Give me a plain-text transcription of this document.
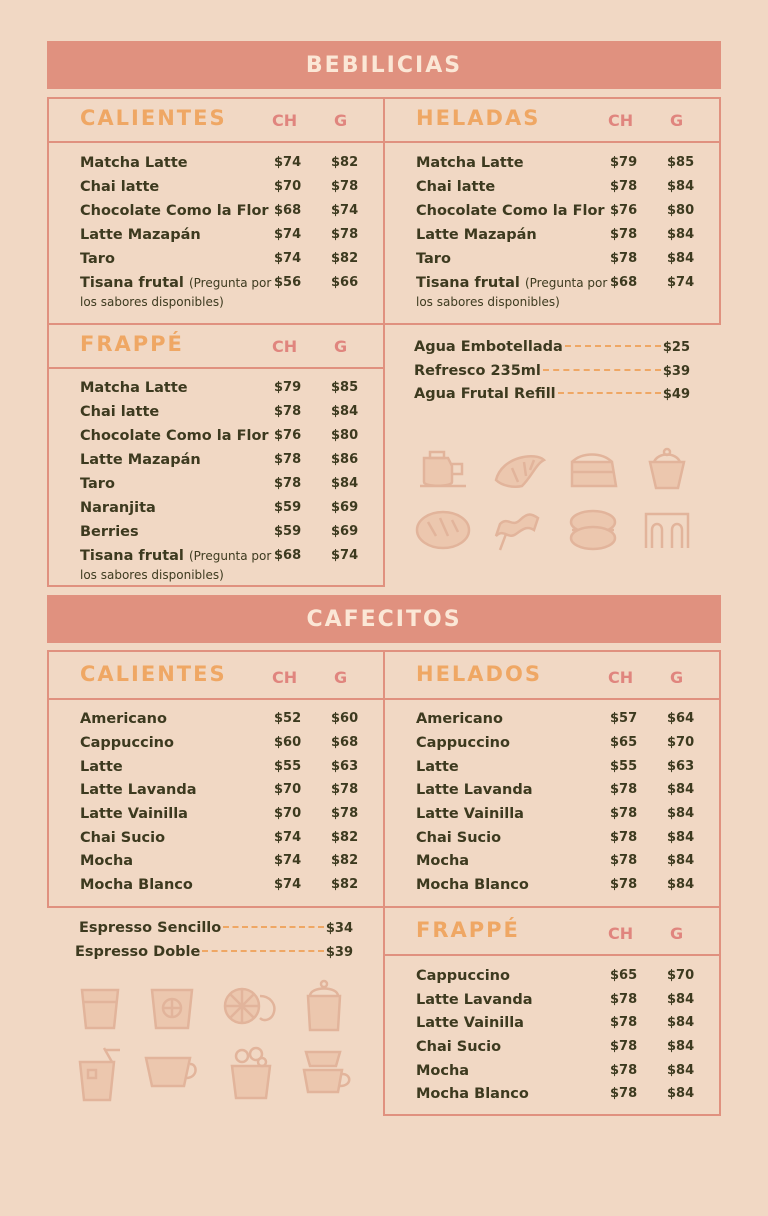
BEBILICIAS
CALIENTES	CH G
Matcha Latte	$74	$82
Chai latte	$70	$78
Chocolate Como la Flor $68	$74
Latte Mazapán	$74	$78
Taro	$74	$82
Tisana frutal (Pregunta por
los sabores disponibles)
$56	$66
HELADAS	CH G
Matcha Latte	$79	$85
Chai latte	$78	$84
Chocolate Como la Flor $76	$80
Latte Mazapán	$78	$84
Taro	$78	$84
Tisana frutal (Pregunta por
los sabores disponibles)
$68	$74
FRAPPÉ	CH G
Matcha Latte	$79	$85
Chai latte	$78	$84
Chocolate Como la Flor $76	$80
Latte Mazapán	$78	$86
Taro	$78	$84
Naranjita	$59	$69
Berries	$59	$69
Tisana frutal (Pregunta por
los sabores disponibles)
$68	$74
Agua Embotellada	$25
Refresco 235ml	$39
Agua Frutal Refill	$49
CAFECITOS
CALIENTES	CH G
Americano	$52	$60
Cappuccino	$60	$68
Latte	$55	$63
Latte Lavanda	$70	$78
Latte Vainilla	$70	$78
Chai Sucio	$74	$82
Mocha	$74	$82
Mocha Blanco	$74	$82
HELADOS	CH G
Americano	$57	$64
Cappuccino	$65	$70
Latte	$55	$63
Latte Lavanda	$78	$84
Latte Vainilla	$78	$84
Chai Sucio	$78	$84
Mocha	$78	$84
Mocha Blanco	$78	$84
FRAPPÉ	CH G
Cappuccino	$65	$70
Latte Lavanda	$78	$84
Latte Vainilla	$78	$84
Chai Sucio	$78	$84
Mocha	$78	$84
Mocha Blanco	$78	$84
Espresso Sencillo	$34
Espresso Doble	$39
